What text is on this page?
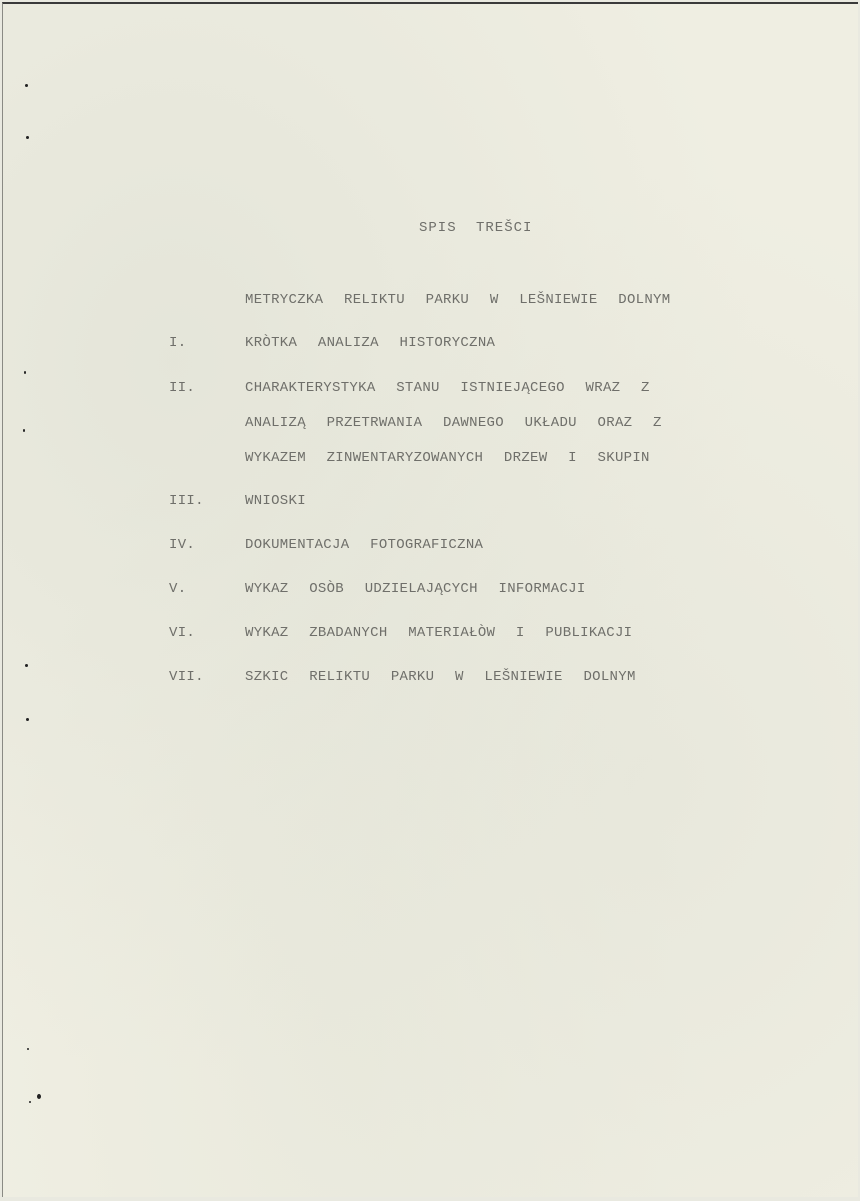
SPIS TREŠCI
METRYCZKA RELIKTU PARKU W LEŠNIEWIE DOLNYM
I.	KRÒTKA ANALIZA HISTORYCZNA
II.	CHARAKTERYSTYKA STANU ISTNIEJĄCEGO WRAZ Z
ANALIZĄ PRZETRWANIA DAWNEGO UKŁADU ORAZ Z
WYKAZEM ZINWENTARYZOWANYCH DRZEW I SKUPIN
III.	WNIOSKI
IV.	DOKUMENTACJA FOTOGRAFICZNA
V.	WYKAZ OSÒB UDZIELAJĄCYCH INFORMACJI
VI.	WYKAZ ZBADANYCH MATERIAŁÒW I PUBLIKACJI
VII.	SZKIC RELIKTU PARKU W LEŠNIEWIE DOLNYM
